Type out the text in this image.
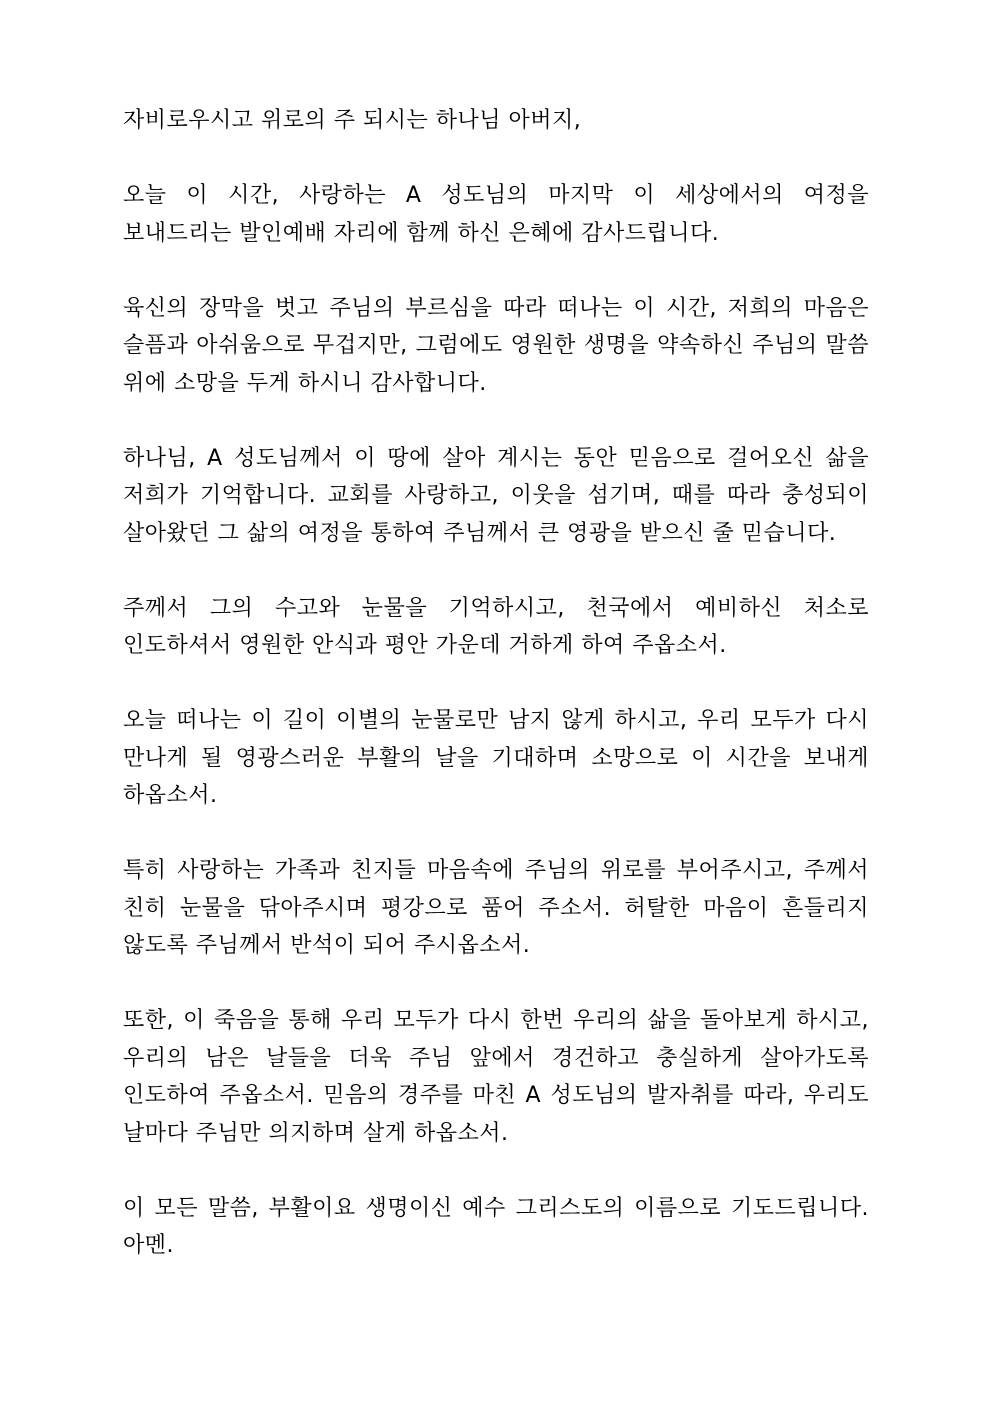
자비로우시고 위로의 주 되시는 하나님 아버지,

오늘 이 시간, 사랑하는 A 성도님의 마지막 이 세상에서의 여정을 보내드리는 발인예배 자리에 함께 하신 은혜에 감사드립니다.

육신의 장막을 벗고 주님의 부르심을 따라 떠나는 이 시간, 저희의 마음은 슬픔과 아쉬움으로 무겁지만, 그럼에도 영원한 생명을 약속하신 주님의 말씀 위에 소망을 두게 하시니 감사합니다.

하나님, A 성도님께서 이 땅에 살아 계시는 동안 믿음으로 걸어오신 삶을 저희가 기억합니다. 교회를 사랑하고, 이웃을 섬기며, 때를 따라 충성되이 살아왔던 그 삶의 여정을 통하여 주님께서 큰 영광을 받으신 줄 믿습니다.

주께서 그의 수고와 눈물을 기억하시고, 천국에서 예비하신 처소로 인도하셔서 영원한 안식과 평안 가운데 거하게 하여 주옵소서.

오늘 떠나는 이 길이 이별의 눈물로만 남지 않게 하시고, 우리 모두가 다시 만나게 될 영광스러운 부활의 날을 기대하며 소망으로 이 시간을 보내게 하옵소서.

특히 사랑하는 가족과 친지들 마음속에 주님의 위로를 부어주시고, 주께서 친히 눈물을 닦아주시며 평강으로 품어 주소서. 허탈한 마음이 흔들리지 않도록 주님께서 반석이 되어 주시옵소서.

또한, 이 죽음을 통해 우리 모두가 다시 한번 우리의 삶을 돌아보게 하시고, 우리의 남은 날들을 더욱 주님 앞에서 경건하고 충실하게 살아가도록 인도하여 주옵소서. 믿음의 경주를 마친 A 성도님의 발자취를 따라, 우리도 날마다 주님만 의지하며 살게 하옵소서.

이 모든 말씀, 부활이요 생명이신 예수 그리스도의 이름으로 기도드립니다. 아멘.
